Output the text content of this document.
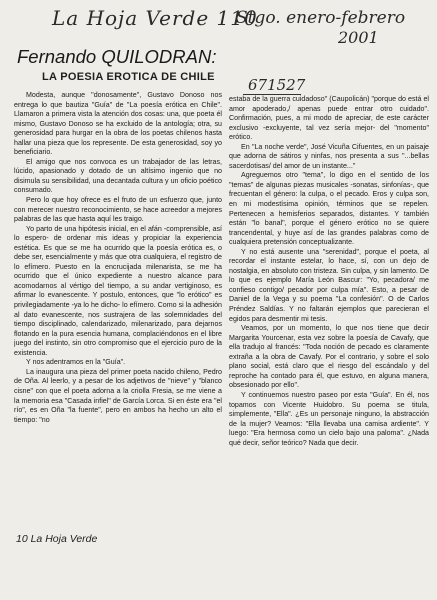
La Hoja Verde 110
Stgo. enero-febrero
2001
671527
Fernando QUILODRAN:
LA POESIA EROTICA DE CHILE

Modesta, aunque "donosamente", Gustavo Donoso nos entrega lo que bautiza "Guía" de "La poesía erótica en Chile". Llamaron a primera vista la atención dos cosas: una, que poeta él mismo, Gustavo Donoso se ha excluido de la antología; otra, su generosidad para hurgar en la obra de los poetas chilenos hasta hallar una pieza que los represente. De esta generosidad, soy yo beneficiario.

El amigo que nos convoca es un trabajador de las letras, lúcido, apasionado y dotado de un altísimo ingenio que no disimula su sensibilidad, una decantada cultura y un oficio poético consumado.

Pero lo que hoy ofrece es el fruto de un esfuerzo que, junto con merecer nuestro reconocimiento, se hace acreedor a mejores palabras de las que hasta aquí les traigo.

Yo parto de una hipótesis inicial, en el afán -comprensible, así lo espero- de ordenar mis ideas y propiciar la experiencia estética. Es que se me ha ocurrido que la poesía erótica es, o debe ser, esencialmente y más que otra cualquiera, el registro de lo efímero. Puesto en la encrucijada milenarista, se me ha ocurrido que el único expediente a nuestro alcance para acomodarnos al vértigo del tiempo, a su andar vertiginoso, es afirmar lo evanescente. Y postulo, entonces, que "lo erótico" es privilegiadamente -ya lo he dicho- lo efímero. Como si la adhesión al dato evanescente, nos sustrajera de las solemnidades del tiempo disciplinado, calendarizado, milenarizado, para dejarnos flotando en la pura esencia humana, complaciéndonos en el libre juego del instinto, sin otro compromiso que el ejercicio puro de la existencia.

Y nos adentramos en la "Guía".

La inaugura una pieza del primer poeta nacido chileno, Pedro de Oña. Al leerlo, y a pesar de los adjetivos de "nieve" y "blanco cisne" con que el poeta adorna a la criolla Fresia, se me viene a la memoria esa "Casada infiel" de García Lorca. Si en éste era "el río", es en Oña "la fuente", pero en ambos ha hecho un alto el tiempo: "no

estaba de la guerra cuidadoso" (Caupolicán) "porque do está el amor apoderado,/ apenas puede entrar otro cuidado". Confirmación, pues, a mi modo de apreciar, de este carácter exclusivo -excluyente, tal vez sería mejor- del "momento" erótico.

En "La noche verde", José Vicuña Cifuentes, en un paisaje que adorna de sátiros y ninfas, nos presenta a sus "...bellas sacerdotisas/ del amor de un instante..."

Agreguemos otro "tema", lo digo en el sentido de los "temas" de algunas piezas musicales -sonatas, sinfonías-, que frecuentan el género: la culpa, o el pecado. Eros y culpa son, en mi modestísima opinión, términos que se repelen. Pertenecen a hemisferios separados, distantes. Y también están "lo banal", porque el género erótico no se quiere trancendental, y huye así de las grandes palabras como de cualquiera pretensión conceptualizante.

Y no está ausente una "serenidad", porque el poeta, al recordar el instante estelar, lo hace, sí, con un dejo de nostalgia, en absoluto con tristeza. Sin culpa, y sin lamento. De lo que es ejemplo María León Bascur: "Yo, pecadora/ me confieso contigo/ pecador por culpa mía". Esto, a pesar de Daniel de la Vega y su poema "La confesión". O de Carlos Préndez Saldías. Y no faltarán ejemplos que parecieran el egidos para desmentir mi tesis.

Veamos, por un momento, lo que nos tiene que decir Margarita Yourcenar, esta vez sobre la poesía de Cavafy, que ella tradujo al francés: "Toda noción de pecado es claramente extraña a la obra de Cavafy. Por el contrario, y sobre el solo plano social, está claro que el riesgo del escándalo y del reproche ha contado para él, que estuvo, en alguna manera, obsesionado por ello".

Y continuemos nuestro paseo por esta "Guía". En él, nos topamos con Vicente Huidobro. Su poema se titula, simplemente, "Ella". ¿Es un personaje ninguno, la abstracción de la mujer? Veamos: "Ella llevaba una camisa ardiente". Y luego: "Era hermosa como un cielo bajo una paloma". ¿Nada qué decir, señor teórico? Nada que decir.

10 La Hoja Verde
